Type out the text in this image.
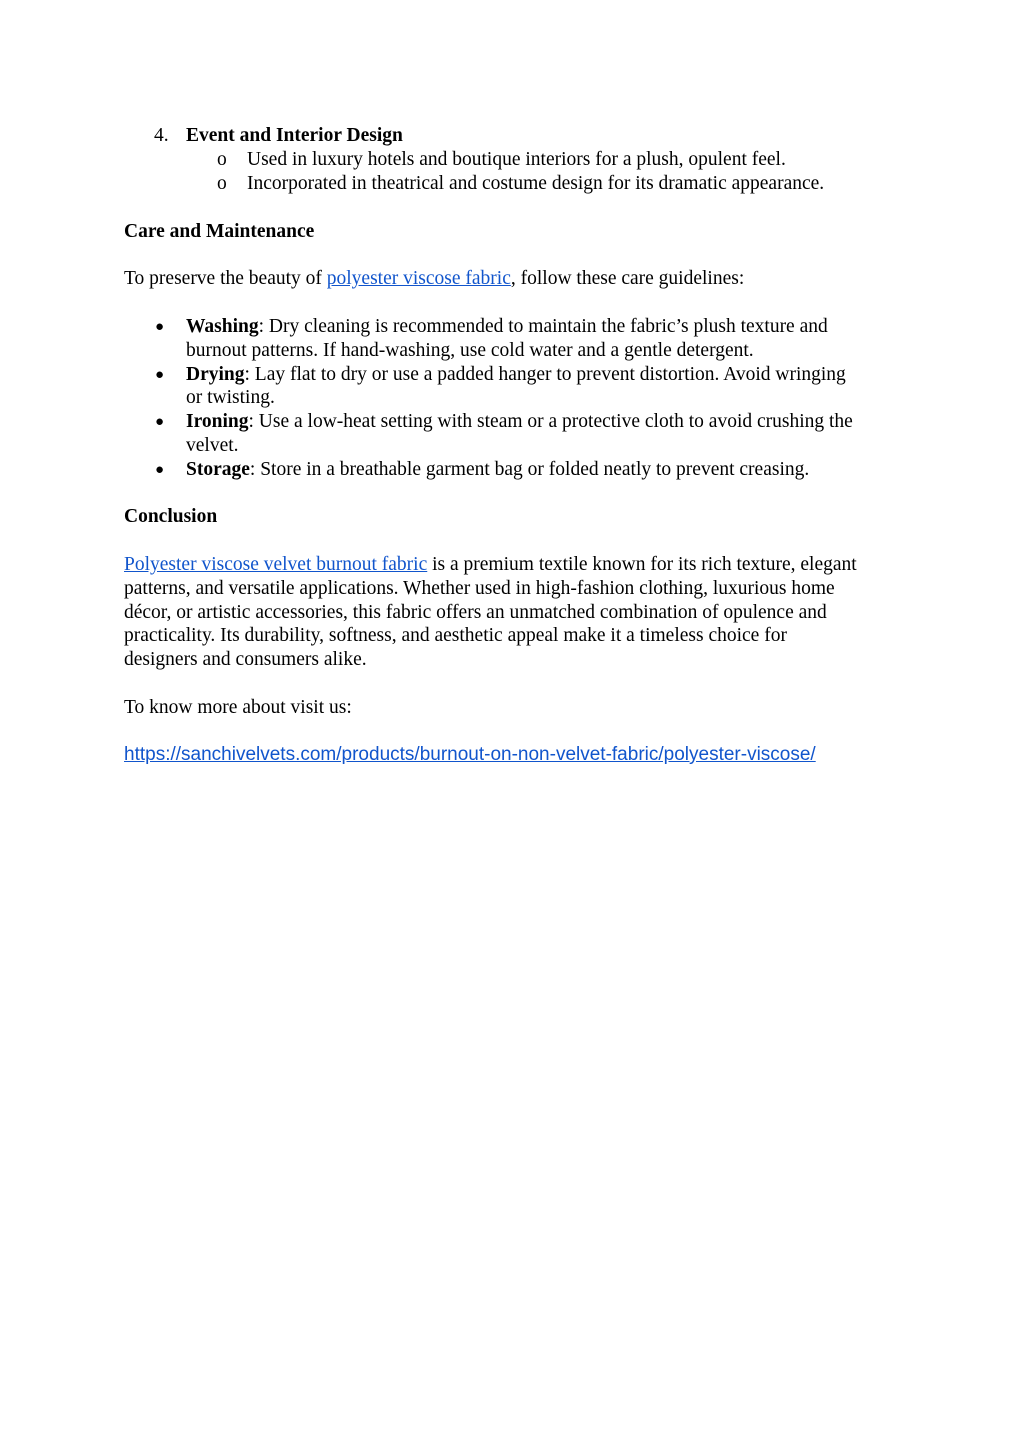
4. Event and Interior Design
o Used in luxury hotels and boutique interiors for a plush, opulent feel.
o Incorporated in theatrical and costume design for its dramatic appearance.
Care and Maintenance
To preserve the beauty of polyester viscose fabric, follow these care guidelines:
● Washing: Dry cleaning is recommended to maintain the fabric’s plush texture and
burnout patterns. If hand-washing, use cold water and a gentle detergent.
● Drying: Lay flat to dry or use a padded hanger to prevent distortion. Avoid wringing
or twisting.
● Ironing: Use a low-heat setting with steam or a protective cloth to avoid crushing the
velvet.
● Storage: Store in a breathable garment bag or folded neatly to prevent creasing.
Conclusion
Polyester viscose velvet burnout fabric is a premium textile known for its rich texture, elegant
patterns, and versatile applications. Whether used in high-fashion clothing, luxurious home
décor, or artistic accessories, this fabric offers an unmatched combination of opulence and
practicality. Its durability, softness, and aesthetic appeal make it a timeless choice for
designers and consumers alike.
To know more about visit us:
https://sanchivelvets.com/products/burnout-on-non-velvet-fabric/polyester-viscose/
